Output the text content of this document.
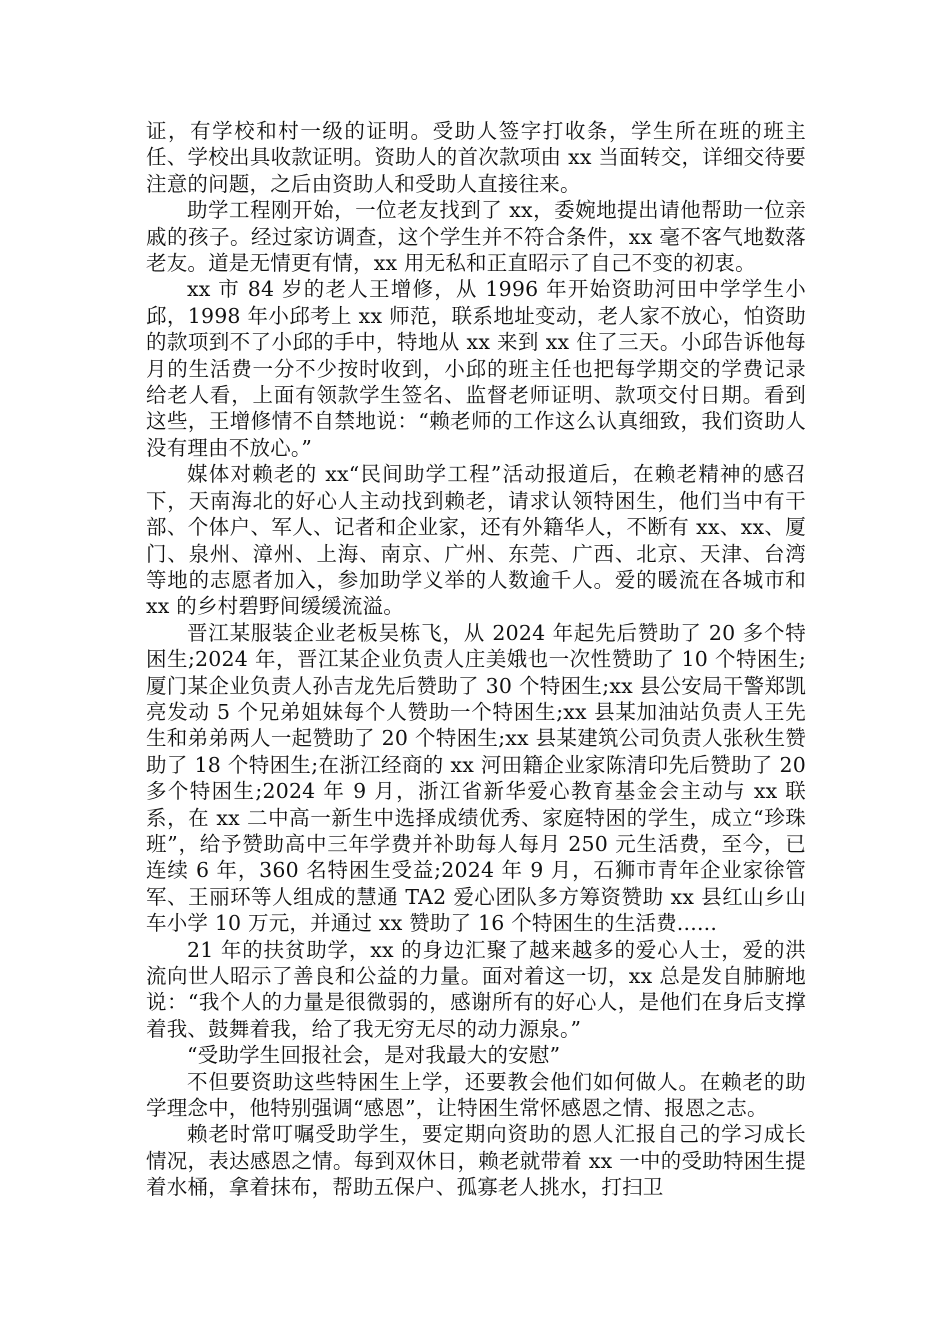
证，有学校和村一级的证明。受助人签字打收条，学生所在班的班主任、学校出具收款证明。资助人的首次款项由 xx 当面转交，详细交待要注意的问题，之后由资助人和受助人直接往来。

助学工程刚开始，一位老友找到了 xx，委婉地提出请他帮助一位亲戚的孩子。经过家访调查，这个学生并不符合条件，xx 毫不客气地数落老友。道是无情更有情，xx 用无私和正直昭示了自己不变的初衷。

xx 市 84 岁的老人王增修，从 1996 年开始资助河田中学学生小邱，1998 年小邱考上 xx 师范，联系地址变动，老人家不放心，怕资助的款项到不了小邱的手中，特地从 xx 来到 xx 住了三天。小邱告诉他每月的生活费一分不少按时收到，小邱的班主任也把每学期交的学费记录给老人看，上面有领款学生签名、监督老师证明、款项交付日期。看到这些，王增修情不自禁地说：“赖老师的工作这么认真细致，我们资助人没有理由不放心。”

媒体对赖老的 xx“民间助学工程”活动报道后，在赖老精神的感召下，天南海北的好心人主动找到赖老，请求认领特困生，他们当中有干部、个体户、军人、记者和企业家，还有外籍华人，不断有 xx、xx、厦门、泉州、漳州、上海、南京、广州、东莞、广西、北京、天津、台湾等地的志愿者加入，参加助学义举的人数逾千人。爱的暖流在各城市和 xx 的乡村碧野间缓缓流溢。

晋江某服装企业老板吴栋飞，从 2024 年起先后赞助了 20 多个特困生;2024 年，晋江某企业负责人庄美娥也一次性赞助了 10 个特困生;厦门某企业负责人孙吉龙先后赞助了 30 个特困生;xx 县公安局干警郑凯亮发动 5 个兄弟姐妹每个人赞助一个特困生;xx 县某加油站负责人王先生和弟弟两人一起赞助了 20 个特困生;xx 县某建筑公司负责人张秋生赞助了 18 个特困生;在浙江经商的 xx 河田籍企业家陈清印先后赞助了 20 多个特困生;2024 年 9 月，浙江省新华爱心教育基金会主动与 xx 联系，在 xx 二中高一新生中选择成绩优秀、家庭特困的学生，成立“珍珠班”，给予赞助高中三年学费并补助每人每月 250 元生活费，至今，已连续 6 年，360 名特困生受益;2024 年 9 月，石狮市青年企业家徐管军、王丽环等人组成的慧通 TA2 爱心团队多方筹资赞助 xx 县红山乡山车小学 10 万元，并通过 xx 赞助了 16 个特困生的生活费......

21 年的扶贫助学，xx 的身边汇聚了越来越多的爱心人士，爱的洪流向世人昭示了善良和公益的力量。面对着这一切，xx 总是发自肺腑地说：“我个人的力量是很微弱的，感谢所有的好心人，是他们在身后支撑着我、鼓舞着我，给了我无穷无尽的动力源泉。”

“受助学生回报社会，是对我最大的安慰”

不但要资助这些特困生上学，还要教会他们如何做人。在赖老的助学理念中，他特别强调“感恩”，让特困生常怀感恩之情、报恩之志。

赖老时常叮嘱受助学生，要定期向资助的恩人汇报自己的学习成长情况，表达感恩之情。每到双休日，赖老就带着 xx 一中的受助特困生提着水桶，拿着抹布，帮助五保户、孤寡老人挑水，打扫卫
